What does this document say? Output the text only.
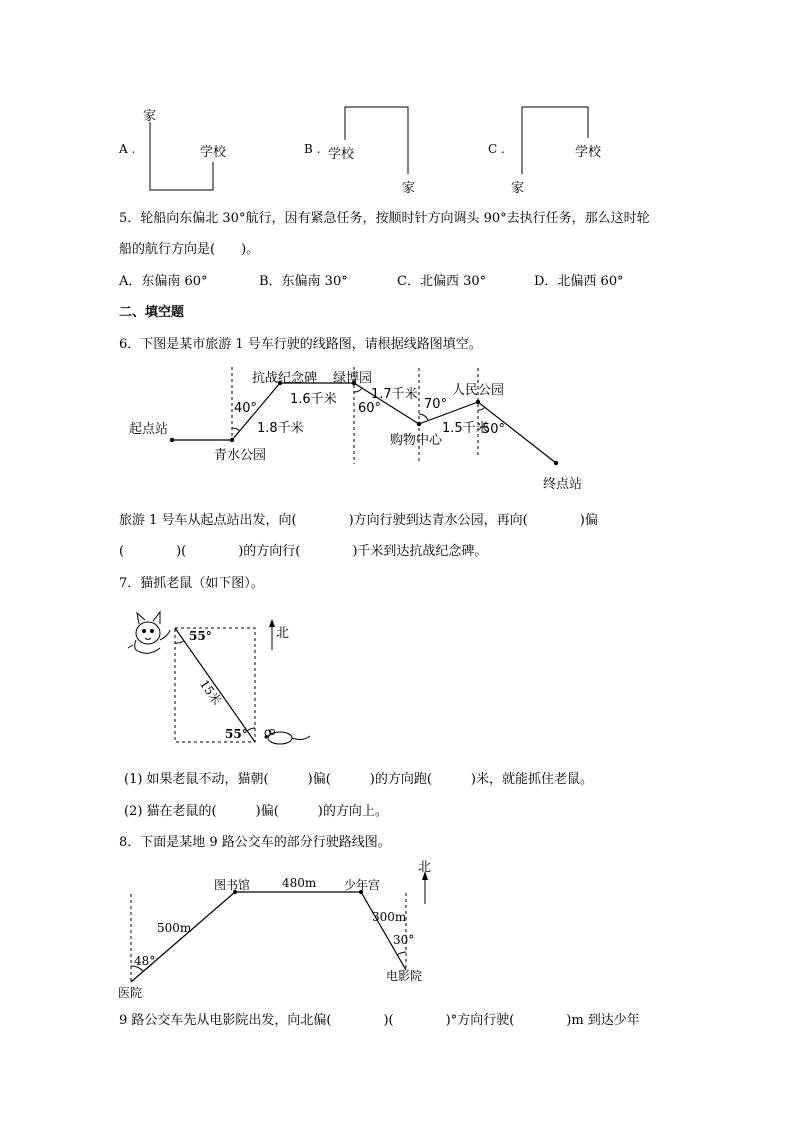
A .
家
学校	B . 学校
家
C .	学校
家
5．轮船向东偏北 30°航行，因有紧急任务，按顺时针方向调头 90°去执行任务，那么这时轮
船的航行方向是(　　)。
A．东偏南 60°	B．东偏南 30°	C．北偏西 30°	D．北偏西 60°
二、填空题
6．下图是某市旅游 1 号车行驶的线路图，请根据线路图填空。
起点站
青水公园
抗战纪念碑 绿博园
购物中心
人民公园
终点站
1.8千米
1.6千米	1.7千米
1.5千米
40°	60°	70°
50°
旅游 1 号车从起点站出发，向(　　　　)方向行驶到达青水公园，再向(　　　　)偏
(　　　　)(　　　　)的方向行(　　　　)千米到达抗战纪念碑。
7．猫抓老鼠（如下图）。
55°
55°
15米
北
(1) 如果老鼠不动，猫朝(　　　)偏(　　　)的方向跑(　　　)米，就能抓住老鼠。
(2) 猫在老鼠的(　　　)偏(　　　)的方向上。
8．下面是某地 9 路公交车的部分行驶路线图。
图书馆	480m 少年宫
500m
300m
30°
48°
医院
电影院
北
9 路公交车先从电影院出发，向北偏(　　　　)(　　　　)°方向行驶(　　　　)m 到达少年
